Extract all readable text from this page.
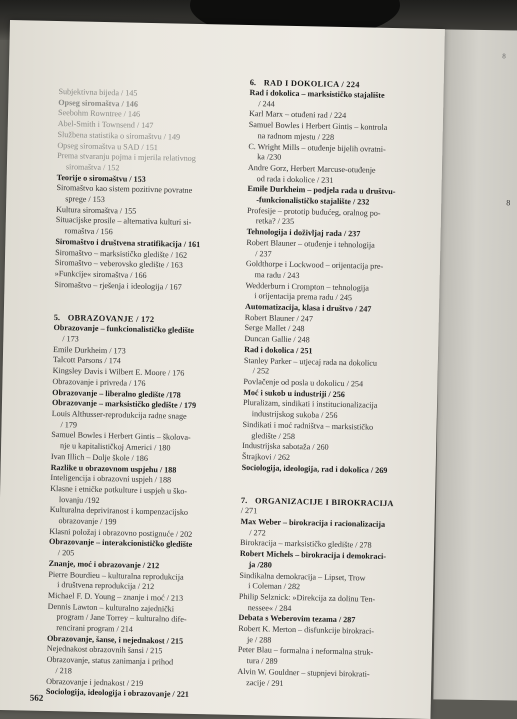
8
8
Subjektivna bijeda / 145
Opseg siromaštva / 146
Seebohm Rowntree / 146
Abel-Smith i Townsend / 147
Službena statistika o siromaštvu / 149
Opseg siromaštva u SAD / 151
Prema stvaranju pojma i mjerila relativnog
siromaštva / 152
Teorije o siromaštvu / 153
Siromaštvo kao sistem pozitivne povratne
sprege / 153
Kultura siromaštva / 155
Situacijske prosile – alternativa kulturi si-
romaštva / 156
Siromaštvo i društvena stratifikacija / 161
Siromaštvo – marksističko gledište / 162
Siromaštvo – veberovsko gledište / 163
»Funkcije« siromaštva / 166
Siromaštvo – rješenja i ideologija / 167
5. OBRAZOVANJE / 172
Obrazovanje – funkcionalističko gledište
/ 173
Emile Durkheim / 173
Talcott Parsons / 174
Kingsley Davis i Wilbert E. Moore / 176
Obrazovanje i privreda / 176
Obrazovanje – liberalno gledište /178
Obrazovanje – marksističko gledište / 179
Louis Althusser-reprodukcija radne snage
/ 179
Samuel Bowles i Herbert Gintis – školova-
nje u kapitalističkoj Americi / 180
Ivan Illich – Dolje škole / 186
Razlike u obrazovnom uspjehu / 188
Inteligencija i obrazovni uspjeh / 188
Klasne i etničke potkulture i uspjeh u ško-
lovanju /192
Kulturalna depriviranost i kompenzacijsko
obrazovanje / 199
Klasni položaj i obrazovno postignuće / 202
Obrazovanje – interakcionističko gledište
/ 205
Znanje, moć i obrazovanje / 212
Pierre Bourdieu – kulturalna reprodukcija
i društvena reprodukcija / 212
Michael F. D. Young – znanje i moć / 213
Dennis Lawton – kulturalno zajednički
program / Jane Torrey – kulturalno dife-
rencirani program / 214
Obrazovanje, šanse, i nejednakost / 215
Nejednakost obrazovnih šansi / 215
Obrazovanje, status zanimanja i prihod
/ 218
Obrazovanje i jednakost / 219
Sociologija, ideologija i obrazovanje / 221
6. RAD I DOKOLICA / 224
Rad i dokolica – marksističko stajalište
/ 244
Karl Marx – otuđeni rad / 224
Samuel Bowles i Herbert Gintis – kontrola
na radnom mjestu / 228
C. Wright Mills – otuđenje bijelih ovratni-
ka /230
Andre Gorz, Herbert Marcuse-otuđenje
od rada i dokolice / 231
Emile Durkheim – podjela rada u društvu-
-funkcionalističko stajalište / 232
Profesije – prototip budućeg, oralnog po-
retka? / 235
Tehnologija i doživljaj rada / 237
Robert Blauner – otuđenje i tehnologija
/ 237
Goldthorpe i Lockwood – orijentacija pre-
ma radu / 243
Wedderburn i Crompton – tehnologija
i orijentacija prema radu / 245
Automatizacija, klasa i društvo / 247
Robert Blauner / 247
Serge Mallet / 248
Duncan Gallie / 248
Rad i dokolica / 251
Stanley Parker – utjecaj rada na dokolicu
/ 252
Povlačenje od posla u dokolicu / 254
Moć i sukob u industriji / 256
Pluralizam, sindikati i institucionalizacija
industrijskog sukoba / 256
Sindikati i moć radništva – marksističko
gledište / 258
Industrijska sabotaža / 260
Štrajkovi / 262
Sociologija, ideologija, rad i dokolica / 269
7. ORGANIZACIJE I BIROKRACIJA
/ 271
Max Weber – birokracija i racionalizacija
/ 272
Birokracija – marksističko gledište / 278
Robert Michels – birokracija i demokraci-
ja /280
Sindikalna demokracija – Lipset, Trow
i Coleman / 282
Philip Selznick: »Direkcija za dolinu Ten-
nessee« / 284
Debata s Weberovim tezama / 287
Robert K. Merton – disfunkcije birokraci-
je / 288
Peter Blau – formalna i neformalna struk-
tura / 289
Alvin W. Gouldner – stupnjevi birokrati-
zacije / 291
562
